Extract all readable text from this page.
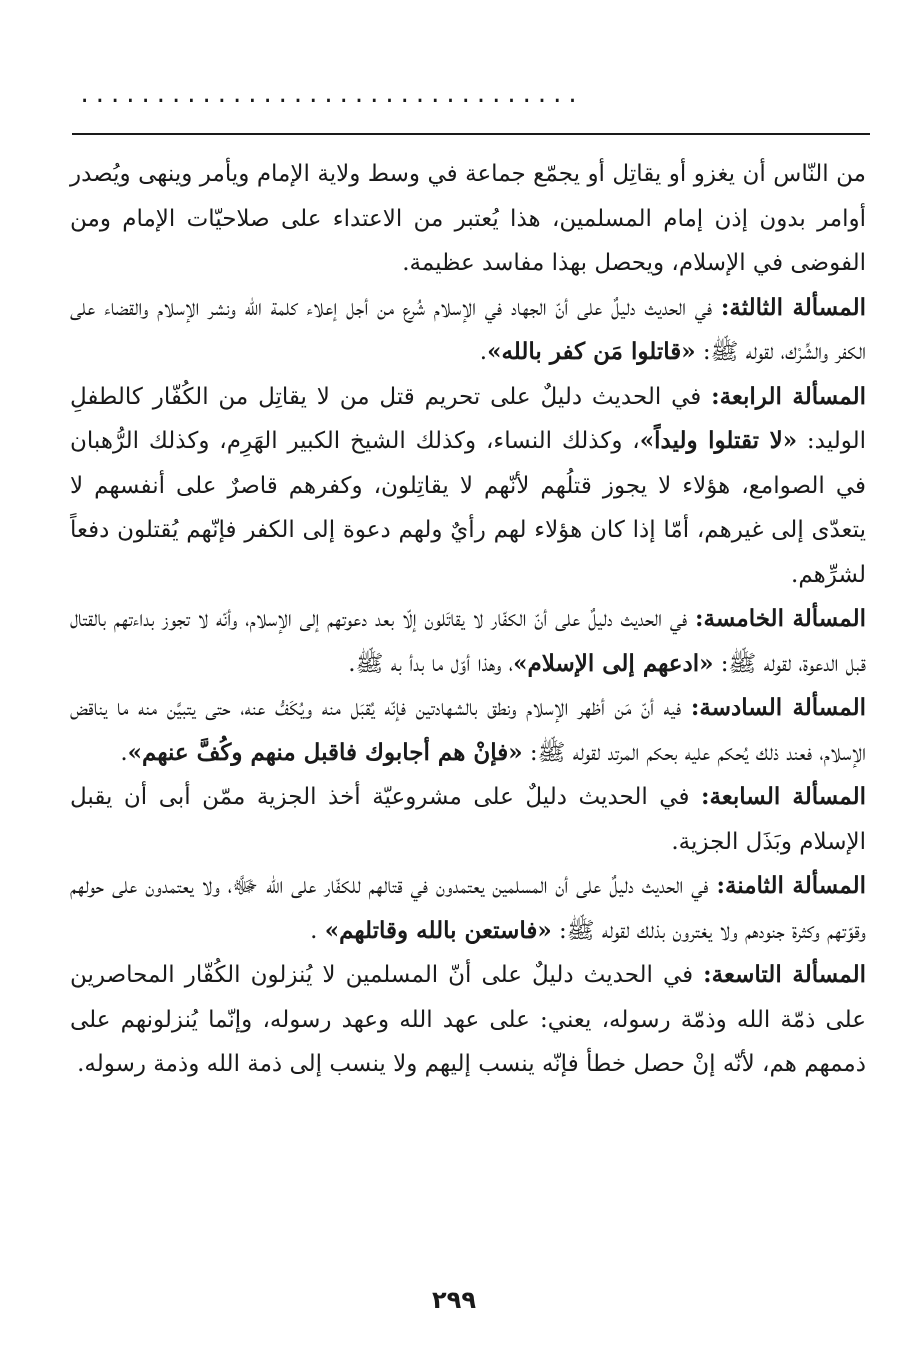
.................................

من النّاس أن يغزو أو يقاتِل أو يجمّع جماعة في وسط ولاية الإمام ويأمر وينهى ويُصدر أوامر بدون إذن إمام المسلمين، هذا يُعتبر من الاعتداء على صلاحيّات الإمام ومن الفوضى في الإسلام، ويحصل بهذا مفاسد عظيمة.

المسألة الثالثة: في الحديث دليلٌ على أنّ الجهاد في الإسلام شُرع من أجل إعلاء كلمة الله ونشر الإسلام والقضاء على الكفر والشِّرْك، لقوله ﷺ: «قاتلوا مَن كفر بالله».

المسألة الرابعة: في الحديث دليلٌ على تحريم قتل من لا يقاتِل من الكُفّار كالطفلِ الوليد: «لا تقتلوا وليداً»، وكذلك النساء، وكذلك الشيخ الكبير الهَرِم، وكذلك الرُّهبان في الصوامع، هؤلاء لا يجوز قتلُهم لأنّهم لا يقاتِلون، وكفرهم قاصرٌ على أنفسهم لا يتعدّى إلى غيرهم، أمّا إذا كان هؤلاء لهم رأيٌ ولهم دعوة إلى الكفر فإنّهم يُقتلون دفعاً لشرِّهم.

المسألة الخامسة: في الحديث دليلٌ على أنّ الكفّار لا يقاتَلون إلّا بعد دعوتهم إلى الإسلام، وأنّه لا تجوز بداءتهم بالقتال قبل الدعوة، لقوله ﷺ: «ادعهم إلى الإسلام»، وهذا أوّل ما بدأ به ﷺ.

المسألة السادسة: فيه أنّ مَن أظهر الإسلام ونطق بالشهادتين فإنّه يُقبَل منه ويُكَفُّ عنه، حتى يتبيَّن منه ما يناقض الإسلام، فعند ذلك يُحكم عليه بحكم المرتد لقوله ﷺ: «فإنْ هم أجابوك فاقبل منهم وكُفَّ عنهم».

المسألة السابعة: في الحديث دليلٌ على مشروعيّة أخذ الجزية ممّن أبى أن يقبل الإسلام وبَذَل الجزية.

المسألة الثامنة: في الحديث دليلٌ على أن المسلمين يعتمدون في قتالهم للكفّار على الله ﷻ، ولا يعتمدون على حولهم وقوّتهم وكثرة جنودهم ولا يغترون بذلك لقوله ﷺ: «فاستعن بالله وقاتلهم» .

المسألة التاسعة: في الحديث دليلٌ على أنّ المسلمين لا يُنزلون الكُفّار المحاصرين على ذمّة الله وذمّة رسوله، يعني: على عهد الله وعهد رسوله، وإنّما يُنزلونهم على ذممهم هم، لأنّه إنْ حصل خطأ فإنّه ينسب إليهم ولا ينسب إلى ذمة الله وذمة رسوله.

٢٩٩
